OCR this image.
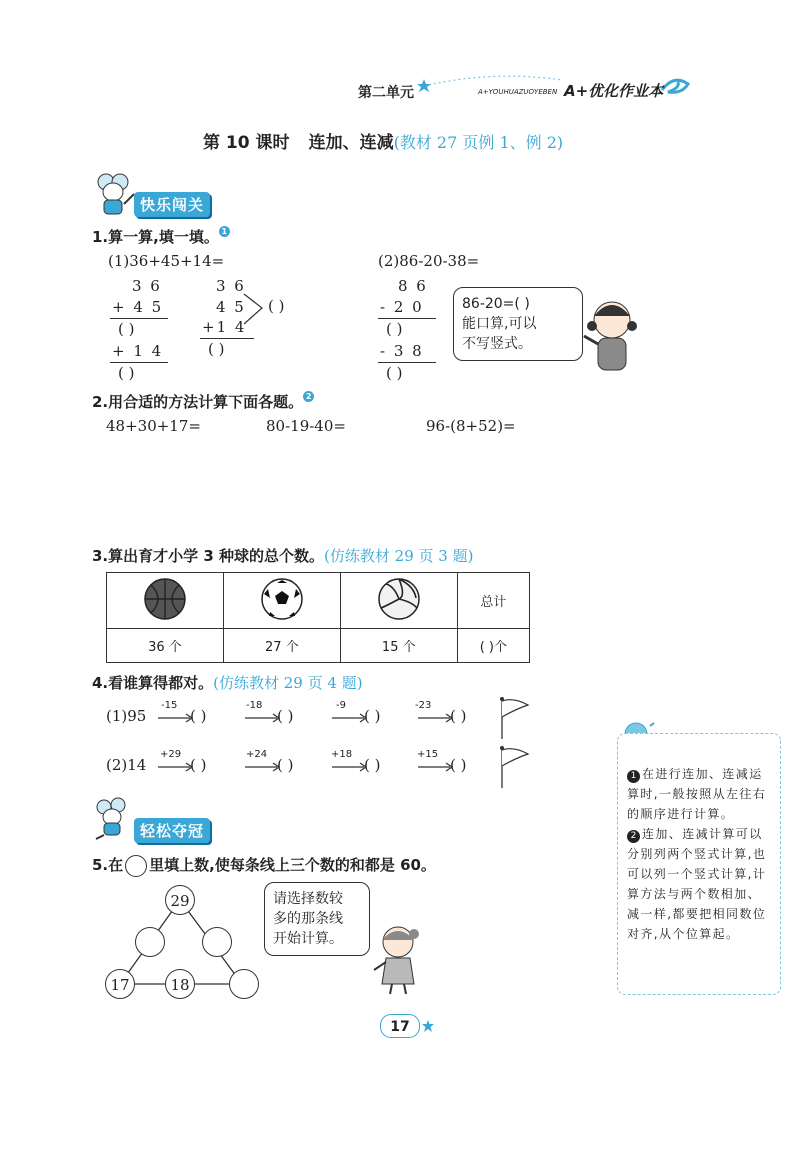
第二单元	A+YOUHUAZUOYEBEN A+优化作业本
第 10 课时 连加、连减(教材 27 页例 1、例 2)
快乐闯关
1.算一算,填一填。 1
(1)36+45+14=
3 6
+ 4 5
( )
+ 1 4
( )
3 6
4 5
+1 4
( )
( )
(2)86-20-38=
8 6
- 2 0
( )
- 3 8
( )
86-20=( )
能口算,可以
不写竖式。
2.用合适的方法计算下面各题。 2
48+30+17=	80-19-40=	96-(8+52)=
3.算出育才小学 3 种球的总个数。(仿练教材 29 页 3 题)
			总计
36 个	27 个	15 个	( )个
4.看谁算得都对。(仿练教材 29 页 4 题)
(1)95
-15	-18	-9	-23
( )	( )	( )	( )
(2)14
+29	+24	+18	+15
( )	( )	( )	( )

1 在进行连加、连减运算时,一般按照从左往右的顺序进行计算。

2 连加、连减计算可以分别列两个竖式计算,也可以列一个竖式计算,计算方法与两个数相加、减一样,都要把相同数位对齐,从个位算起。

轻松夺冠
5.在 里填上数,使每条线上三个数的和都是 60。
29
17	18
请选择数较
多的那条线
开始计算。
17
